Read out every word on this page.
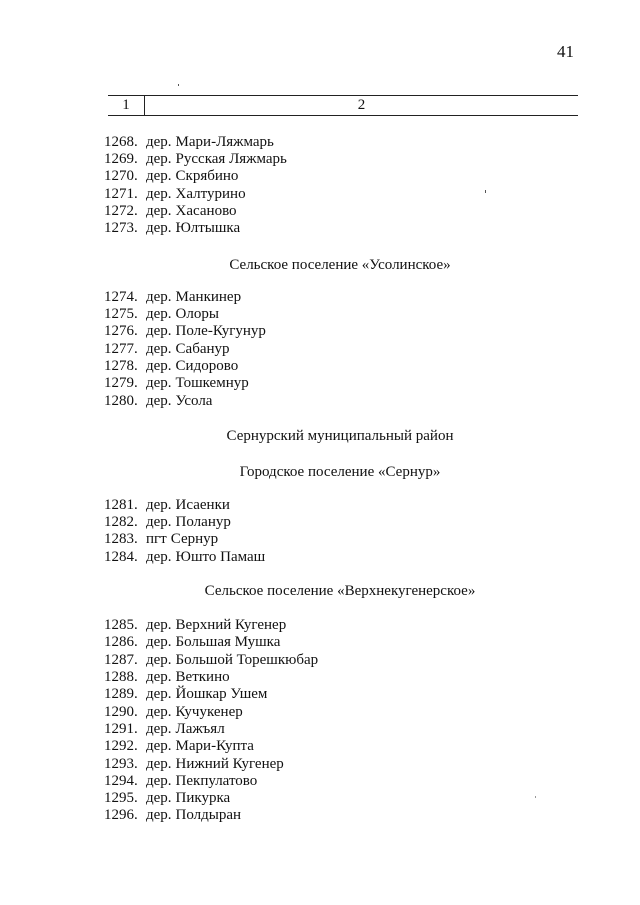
41
1	2
1268. дер. Мари-Ляжмарь
1269. дер. Русская Ляжмарь
1270. дер. Скрябино
1271. дер. Халтурино
1272. дер. Хасаново
1273. дер. Юлтышка
Сельское поселение «Усолинское»
1274. дер. Манкинер
1275. дер. Олоры
1276. дер. Поле-Кугунур
1277. дер. Сабанур
1278. дер. Сидорово
1279. дер. Тошкемнур
1280. дер. Усола
Сернурский муниципальный район
Городское поселение «Сернур»
1281. дер. Исаенки
1282. дер. Поланур
1283. пгт Сернур
1284. дер. Юшто Памаш
Сельское поселение «Верхнекугенерское»
1285. дер. Верхний Кугенер
1286. дер. Большая Мушка
1287. дер. Большой Торешкюбар
1288. дер. Веткино
1289. дер. Йошкар Ушем
1290. дер. Кучукенер
1291. дер. Лажъял
1292. дер. Мари-Купта
1293. дер. Нижний Кугенер
1294. дер. Пекпулатово
1295. дер. Пикурка
1296. дер. Полдыран
